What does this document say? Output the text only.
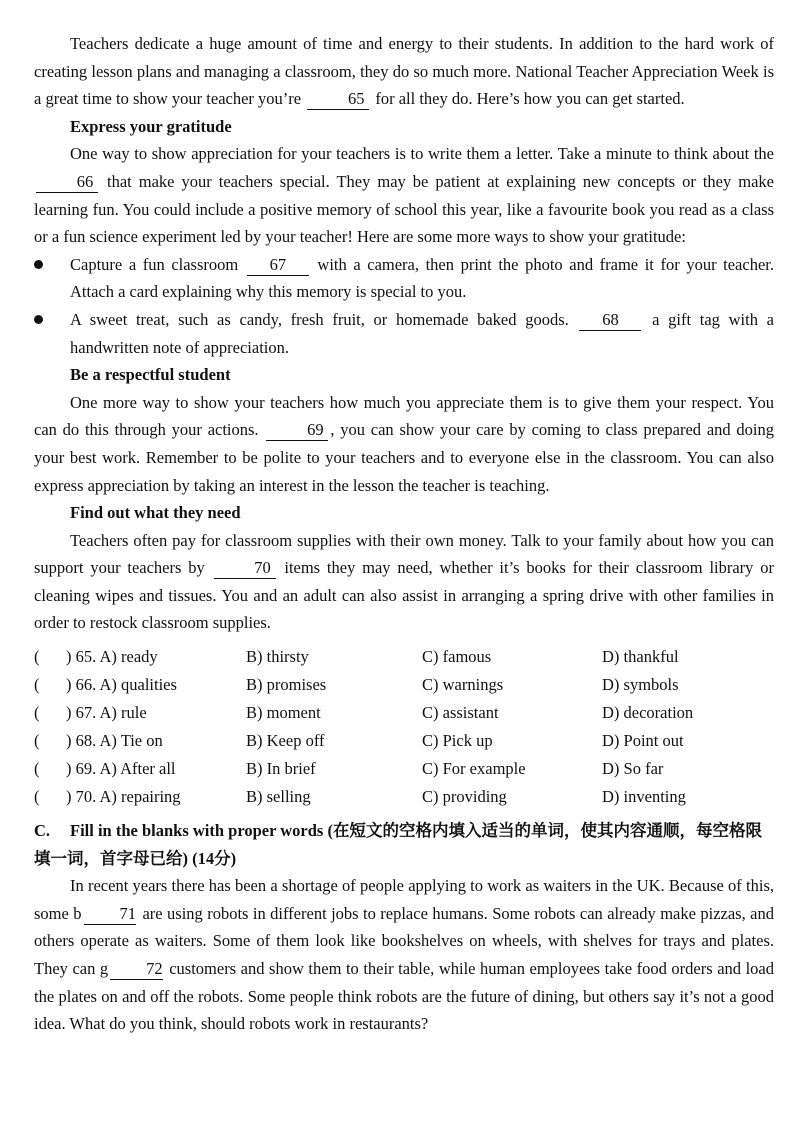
Teachers dedicate a huge amount of time and energy to their students. In addition to the hard work of creating lesson plans and managing a classroom, they do so much more. National Teacher Appreciation Week is a great time to show your teacher you’re	65 for all they do. Here’s how you can get started.

Express your gratitude

One way to show appreciation for your teachers is to write them a letter. Take a minute to think about the 66 that make your teachers special. They may be patient at explaining new concepts or they make learning fun. You could include a positive memory of school this year, like a favourite book you read as a class or a fun science experiment led by your teacher! Here are some more ways to show your gratitude:

Capture a fun classroom 67 with a camera, then print the photo and frame it for your teacher. Attach a card explaining why this memory is special to you.

A sweet treat, such as candy, fresh fruit, or homemade baked goods. 68 a gift tag with a handwritten note of appreciation.

Be a respectful student

One more way to show your teachers how much you appreciate them is to give them your respect. You can do this through your actions.	69 , you can show your care by coming to class prepared and doing your best work. Remember to be polite to your teachers and to everyone else in the classroom. You can also express appreciation by taking an interest in the lesson the teacher is teaching.

Find out what they need

Teachers often pay for classroom supplies with their own money. Talk to your family about how you can support your teachers by	70 items they may need, whether it’s books for their classroom library or cleaning wipes and tissues. You and an adult can also assist in arranging a spring drive with other families in order to restock classroom supplies.

(	) 65. A) ready	B) thirsty	C) famous	D) thankful
(	) 66. A) qualities	B) promises	C) warnings	D) symbols
(	) 67. A) rule	B) moment	C) assistant	D) decoration
(	) 68. A) Tie on	B) Keep off	C) Pick up	D) Point out
(	) 69. A) After all	B) In brief	C) For example	D) So far
(	) 70. A) repairing	B) selling	C) providing	D) inventing
C. Fill in the blanks with proper words (在短文的空格内填入适当的单词，使其内容通顺，每空格限填一词，首字母已给) (14分)

In recent years there has been a shortage of people applying to work as waiters in the UK. Because of this, some b 71 are using robots in different jobs to replace humans. Some robots can already make pizzas, and others operate as waiters. Some of them look like bookshelves on wheels, with shelves for trays and plates. They can g 72 customers and show them to their table, while human employees take food orders and load the plates on and off the robots. Some people think robots are the future of dining, but others say it’s not a good idea. What do you think, should robots work in restaurants?
